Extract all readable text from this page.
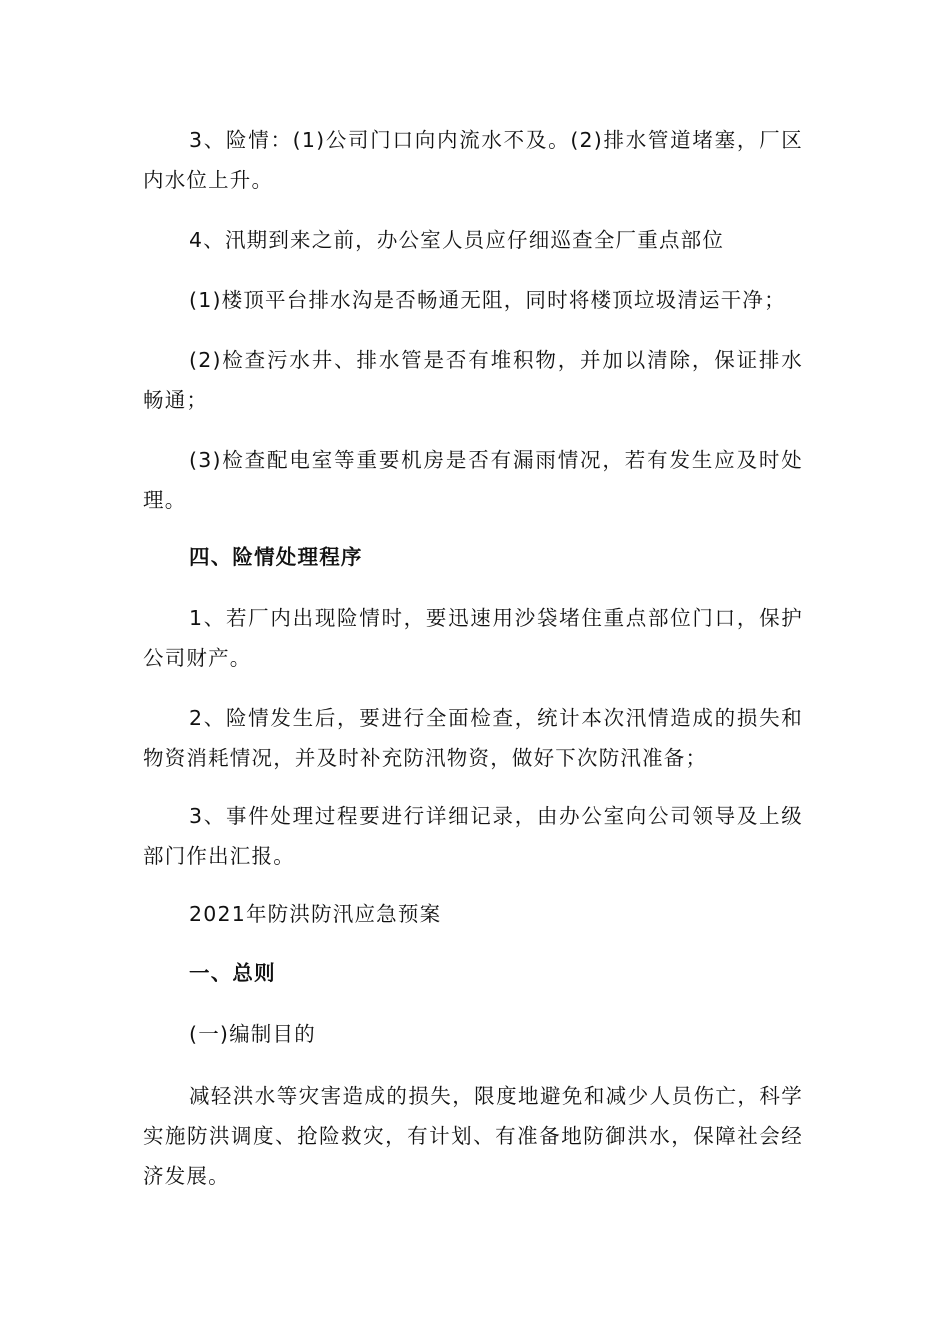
3、险情：(1)公司门口向内流水不及。(2)排水管道堵塞，厂区内水位上升。

4、汛期到来之前，办公室人员应仔细巡查全厂重点部位

(1)楼顶平台排水沟是否畅通无阻，同时将楼顶垃圾清运干净；

(2)检查污水井、排水管是否有堆积物，并加以清除，保证排水畅通；

(3)检查配电室等重要机房是否有漏雨情况，若有发生应及时处理。

四、险情处理程序

1、若厂内出现险情时，要迅速用沙袋堵住重点部位门口，保护公司财产。

2、险情发生后，要进行全面检查，统计本次汛情造成的损失和物资消耗情况，并及时补充防汛物资，做好下次防汛准备；

3、事件处理过程要进行详细记录，由办公室向公司领导及上级部门作出汇报。

2021年防洪防汛应急预案

一、总则

(一)编制目的

减轻洪水等灾害造成的损失，限度地避免和减少人员伤亡，科学实施防洪调度、抢险救灾，有计划、有准备地防御洪水，保障社会经济发展。
